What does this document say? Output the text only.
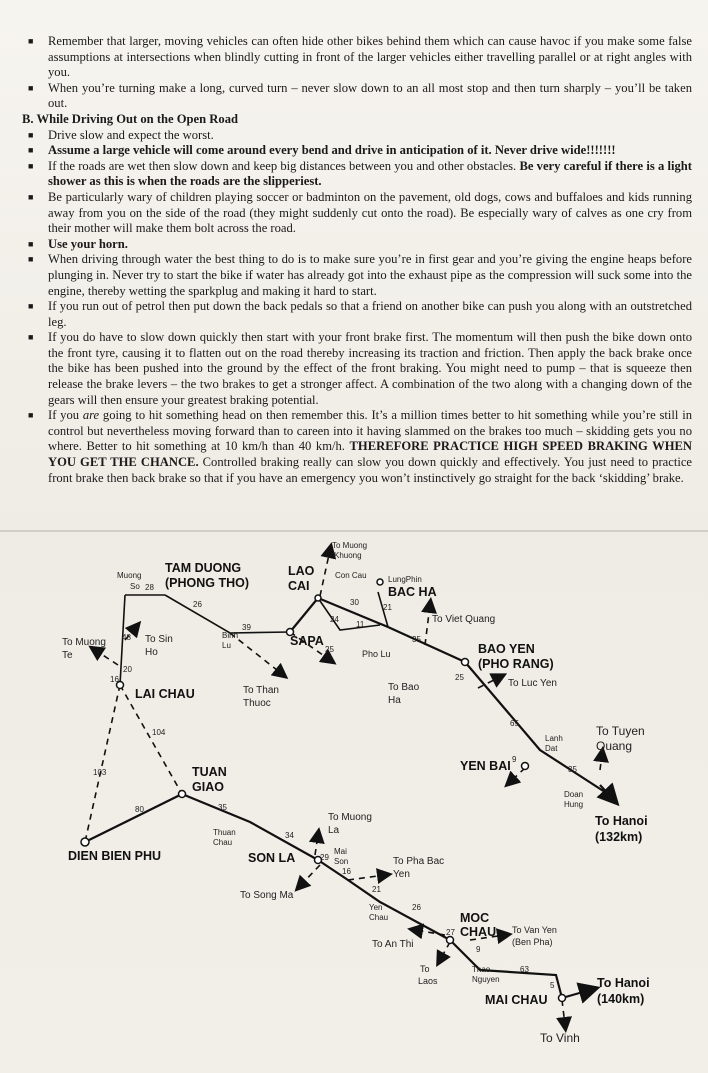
■ Remember that larger, moving vehicles can often hide other bikes behind them which can cause havoc if you make some false assumptions at intersections when blindly cutting in front of the larger vehicles either travelling parallel or at right angles with you.
■ When you’re turning make a long, curved turn – never slow down to an all most stop and then turn sharply – you’ll be taken out.

B. While Driving Out on the Open Road

■ Drive slow and expect the worst.
■ Assume a large vehicle will come around every bend and drive in anticipation of it. Never drive wide!!!!!!!
■ If the roads are wet then slow down and keep big distances between you and other obstacles. Be very careful if there is a light shower as this is when the roads are the slipperiest.
■ Be particularly wary of children playing soccer or badminton on the pavement, old dogs, cows and buffaloes and kids running away from you on the side of the road (they might suddenly cut onto the road). Be especially wary of calves as one cry from their mother will make them bolt across the road.
■ Use your horn.
■ When driving through water the best thing to do is to make sure you’re in first gear and you’re giving the engine heaps before plunging in. Never try to start the bike if water has already got into the exhaust pipe as the compression will suck some into the engine, thereby wetting the sparkplug and making it hard to start.
■ If you run out of petrol then put down the back pedals so that a friend on another bike can push you along with an outstretched leg.
■ If you do have to slow down quickly then start with your front brake first. The momentum will then push the bike down onto the front tyre, causing it to flatten out on the road thereby increasing its traction and friction. Then apply the back brake once the bike has been pushed into the ground by the effect of the front braking. You might need to pump – that is squeeze then release the brake levers – the two brakes to get a stronger affect. A combination of the two along with a changing down of the gears will then ensure your greatest braking potential.
■ If you are going to hit something head on then remember this. It’s a million times better to hit something while you’re still in control but nevertheless moving forward than to careen into it having slammed on the brakes too much – skidding gets you no where. Better to hit something at 10 km/h than 40 km/h. THEREFORE PRACTICE HIGH SPEED BRAKING WHEN YOU GET THE CHANCE. Controlled braking really can slow you down quickly and effectively. You just need to practice front brake then back brake so that if you have an emergency you won’t instinctively go straight for the back ‘skidding’ brake.
TAM DUONG
(PHONG THO)
LAO
CAI	BAC HA
SAPA
LAI CHAU
BAO YEN
(PHO RANG)
YEN BAI
TUAN
GIAO
DIEN BIEN PHU	SON LA
MOC
CHAU
MAI CHAU
To Hanoi
(132km)
To Hanoi
(140km)
Muong
So
To Muong
Te
To Sin
Ho
Binh
Lu
To Muong
Khuong
Con Cau	LungPhin
To Viet Quang
Pho Lu
To Bao
Ha
To Luc Yen
To Than
Thuoc
Lanh
Dat
To Tuyen
Quang
Doan
Hung
Thuan
Chau
To Muong
La
Mai
Son	To Pha Bac
Yen
To Song Ma
Yen
Chau
To An Thi
To Van Yen
(Ben Pha)
To
Laos
Thao
Nguyen
To Vinh
28
26
39
20
48
30
24
21
11
35
25
25
65
35
16
104
103
80	35
34
29
16
21
26
27
9
63
5
9
